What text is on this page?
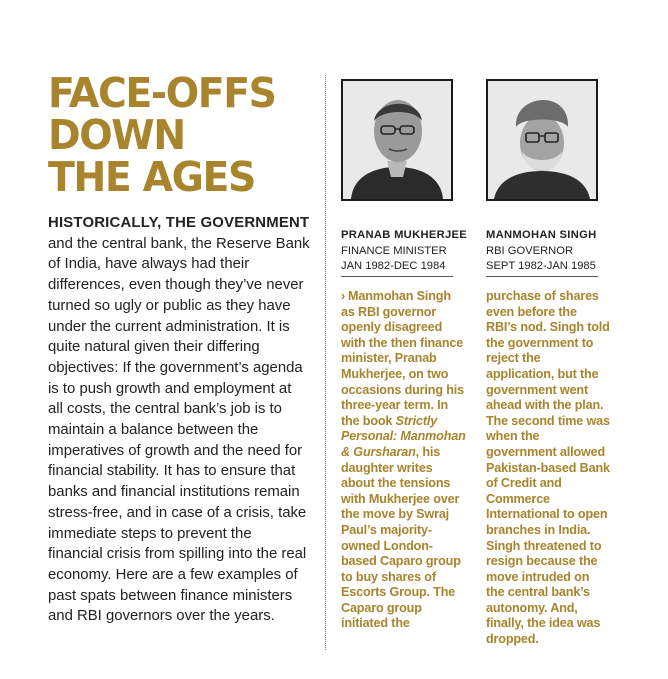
FACE-OFFS
DOWN
THE AGES

HISTORICALLY, THE GOVERNMENT and the central bank, the Reserve Bank of India, have always had their differences, even though they’ve never turned so ugly or public as they have under the current administration. It is quite natural given their differing objectives: If the government’s agenda is to push growth and employment at all costs, the central bank’s job is to maintain a balance between the imperatives of growth and the need for financial stability. It has to ensure that banks and financial institutions remain stress-free, and in case of a crisis, take immediate steps to prevent the financial crisis from spilling into the real economy. Here are a few examples of past spats between finance ministers and RBI governors over the years.

PRANAB MUKHERJEE
FINANCE MINISTER
JAN 1982-DEC 1984
MANMOHAN SINGH
RBI GOVERNOR
SEPT 1982-JAN 1985

› Manmohan Singh as RBI governor openly disagreed with the then finance minister, Pranab Mukherjee, on two occasions during his three-year term. In the book Strictly Personal: Manmohan & Gursharan, his daughter writes about the tensions with Mukherjee over the move by Swraj Paul’s majority-owned London-based Caparo group to buy shares of Escorts Group. The Caparo group initiated the

purchase of shares even before the RBI’s nod. Singh told the government to reject the application, but the government went ahead with the plan. The second time was when the government allowed Pakistan-based Bank of Credit and Commerce International to open branches in India. Singh threatened to resign because the move intruded on the central bank’s autonomy. And, finally, the idea was dropped.
